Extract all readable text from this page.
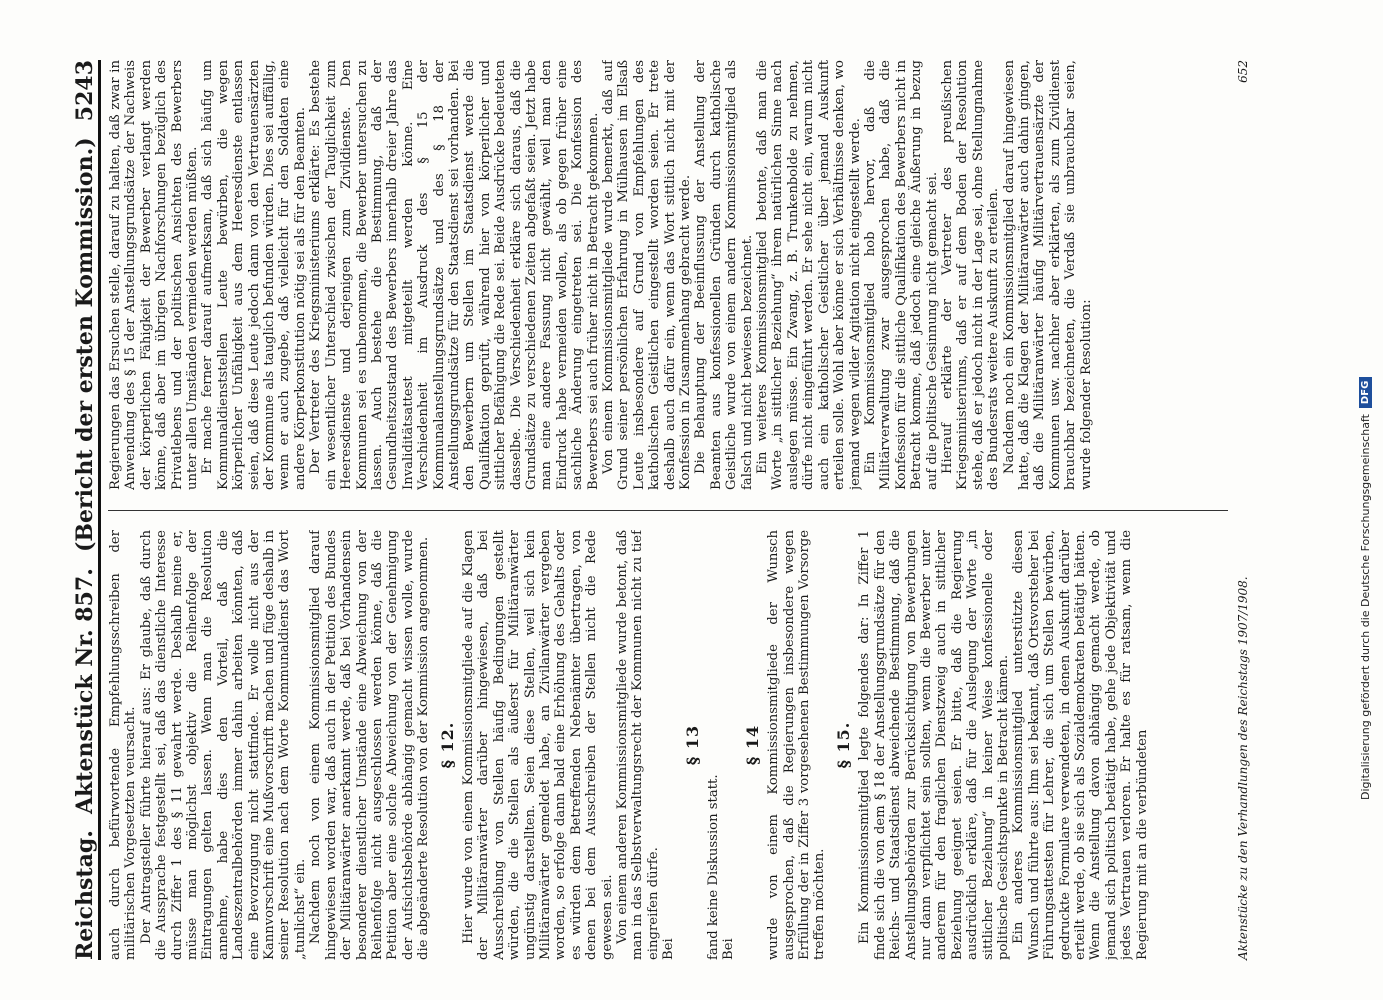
Reichstag.
Aktenstück Nr. 857.
(Bericht der ersten Kommission.)
5243

auch durch befürwortende Empfehlungsschreiben der militärischen Vorgesetzten veursacht. Der Antragsteller führte hierauf aus: Er glaube, daß durch die Aussprache festgestellt sei, daß das dienstliche Interesse durch Ziffer 1 des § 11 gewahrt werde. Deshalb meine er, müsse man möglichst objektiv die Reihenfolge der Eintragungen gelten lassen. Wenn man die Resolution annehme, habe dies den Vorteil, daß die Landeszentralbehörden immer dahin arbeiten könnten, daß eine Bevorzugung nicht stattfinde. Er wolle nicht aus der Kannvorschrift eine Mußvorschrift machen und füge deshalb in seiner Resolution nach dem Worte Kommunaldienst das Wort „tunlichst“ ein. Nachdem noch von einem Kommissionsmitglied darauf hingewiesen worden war, daß auch in der Petition des Bundes der Militäranwärter anerkannt werde, daß bei Vorhandensein besonderer dienstlicher Umstände eine Abweichung von der Reihenfolge nicht ausgeschlossen werden könne, daß die Petition aber eine solche Abweichung von der Genehmigung der Aufsichtsbehörde abhängig gemacht wissen wolle, wurde die abgeänderte Resolution von der Kommission angenommen. § 12. Hier wurde von einem Kommissionsmitgliede auf die Klagen der Militäranwärter darüber hingewiesen, daß bei Ausschreibung von Stellen häufig Bedingungen gestellt würden, die die Stellen als äußerst für Militäranwärter ungünstig darstellten. Seien diese Stellen, weil sich kein Militäranwärter gemeldet habe, an Zivilanwärter vergeben worden, so erfolge dann bald eine Erhöhung des Gehalts oder es würden dem Betreffenden Nebenämter übertragen, von denen bei dem Ausschreiben der Stellen nicht die Rede gewesen sei. Von einem anderen Kommissionsmitgliede wurde betont, daß man in das Selbstverwaltungsrecht der Kommunen nicht zu tief eingreifen dürfe. Bei

§ 13

fand keine Diskussion statt. Bei

§ 14 wurde von einem Kommissionsmitgliede der Wunsch ausgesprochen, daß die Regierungen insbesondere wegen Erfüllung der in Ziffer 3 vorgesehenen Bestimmungen Vorsorge treffen möchten.

§ 15. Ein Kommissionsmitglied legte folgendes dar: In Ziffer 1 finde sich die von dem § 18 der Anstellungsgrundsätze für den Reichs- und Staatsdienst abweichende Bestimmung, daß die Anstellungsbehörden zur Berücksichtigung von Bewerbungen nur dann verpflichtet sein sollten, wenn die Bewerber unter anderem für den fraglichen Dienstzweig auch in sittlicher Beziehung geeignet seien. Er bitte, daß die Regierung ausdrücklich erkläre, daß für die Auslegung der Worte „in sittlicher Beziehung“ in keiner Weise konfessionelle oder politische Gesichtspunkte in Betracht kämen. Ein anderes Kommissionsmitglied unterstützte diesen Wunsch und führte aus: Ihm sei bekannt, daß Ortsvorsteher bei Führungsattesten für Lehrer, die sich um Stellen bewürben, gedruckte Formulare verwendeten, in denen Auskunft darüber erteilt werde, ob sie sich als Sozialdemokraten betätigt hätten. Wenn die Anstellung davon abhängig gemacht werde, ob jemand sich politisch betätigt habe, gehe jede Objektivität und jedes Vertrauen verloren. Er halte es für ratsam, wenn die Regierung mit an die verbündeten

Regierungen das Ersuchen stelle, darauf zu halten, daß zwar in Anwendung des § 15 der Anstellungsgrundsätze der Nachweis der körperlichen Fähigkeit der Bewerber verlangt werden könne, daß aber im übrigen Nachforschungen bezüglich des Privatlebens und der politischen Ansichten des Bewerbers unter allen Umständen vermieden werden müßten. Er mache ferner darauf aufmerksam, daß sich häufig um Kommunaldienststellen Leute bewürben, die wegen körperlicher Unfähigkeit aus dem Heeresdienste entlassen seien, daß diese Leute jedoch dann von den Vertrauensärzten der Kommune als tauglich befunden würden. Dies sei auffällig, wenn er auch zugebe, daß vielleicht für den Soldaten eine andere Körperkonstitution nötig sei als für den Beamten. Der Vertreter des Kriegsministeriums erklärte: Es bestehe ein wesentlicher Unterschied zwischen der Tauglichkeit zum Heeresdienste und derjenigen zum Zivildienste. Den Kommunen sei es unbenommen, die Bewerber untersuchen zu lassen. Auch bestehe die Bestimmung, daß der Gesundheitszustand des Bewerbers innerhalb dreier Jahre das Invaliditätsattest mitgeteilt werden könne. Eine Verschiedenheit im Ausdruck des § 15 der Kommunalanstellungsgrundsätze und des § 18 der Anstellungsgrundsätze für den Staatsdienst sei vorhanden. Bei den Bewerbern um Stellen im Staatsdienst werde die Qualifikation geprüft, während hier von körperlicher und sittlicher Befähigung die Rede sei. Beide Ausdrücke bedeuteten dasselbe. Die Verschiedenheit erkläre sich daraus, daß die Grundsätze zu verschiedenen Zeiten abgefaßt seien. Jetzt habe man eine andere Fassung nicht gewählt, weil man den Eindruck habe vermeiden wollen, als ob gegen früher eine sachliche Änderung eingetreten sei. Die Konfession des Bewerbers sei auch früher nicht in Betracht gekommen. Von einem Kommissionsmitgliede wurde bemerkt, daß auf Grund seiner persönlichen Erfahrung in Mülhausen im Elsaß Leute insbesondere auf Grund von Empfehlungen des katholischen Geistlichen eingestellt worden seien. Er trete deshalb auch dafür ein, wenn das Wort sittlich nicht mit der Konfession in Zusammenhang gebracht werde. Die Behauptung der Beeinflussung der Anstellung der Beamten aus konfessionellen Gründen durch katholische Geistliche wurde von einem andern Kommissionsmitglied als falsch und nicht bewiesen bezeichnet. Ein weiteres Kommissionsmitglied betonte, daß man die Worte „in sittlicher Beziehung“ ihrem natürlichen Sinne nach auslegen müsse. Ein Zwang, z. B. Trunkenbolde zu nehmen, dürfe nicht eingeführt werden. Er sehe nicht ein, warum nicht auch ein katholischer Geistlicher über jemand Auskunft erteilen solle. Wohl aber könne er sich Verhältnisse denken, wo jemand wegen wilder Agitation nicht eingestellt werde. Ein Kommissionsmitglied hob hervor, daß die Militärverwaltung zwar ausgesprochen habe, daß die Konfession für die sittliche Qualifikation des Bewerbers nicht in Betracht komme, daß jedoch eine gleiche Äußerung in bezug auf die politische Gesinnung nicht gemacht sei. Hierauf erklärte der Vertreter des preußischen Kriegsministeriums, daß er auf dem Boden der Resolution stehe, daß er jedoch nicht in der Lage sei, ohne Stellungnahme des Bundesrats weitere Auskunft zu erteilen. Nachdem noch ein Kommissionsmitglied darauf hingewiesen hatte, daß die Klagen der Militäranwärter auch dahin gingen, daß die Militäranwärter häufig Militärvertrauensärzte der Kommunen usw. nachher aber erklärten, als zum Zivildienst brauchbar bezeichneten, die Verdaß sie unbrauchbar seien, wurde folgender Resolution:

Aktenstücke zu den Verhandlungen des Reichstags 1907/1908.
652
Digitalisierung gefördert durch die Deutsche Forschungsgemeinschaft
DFG
